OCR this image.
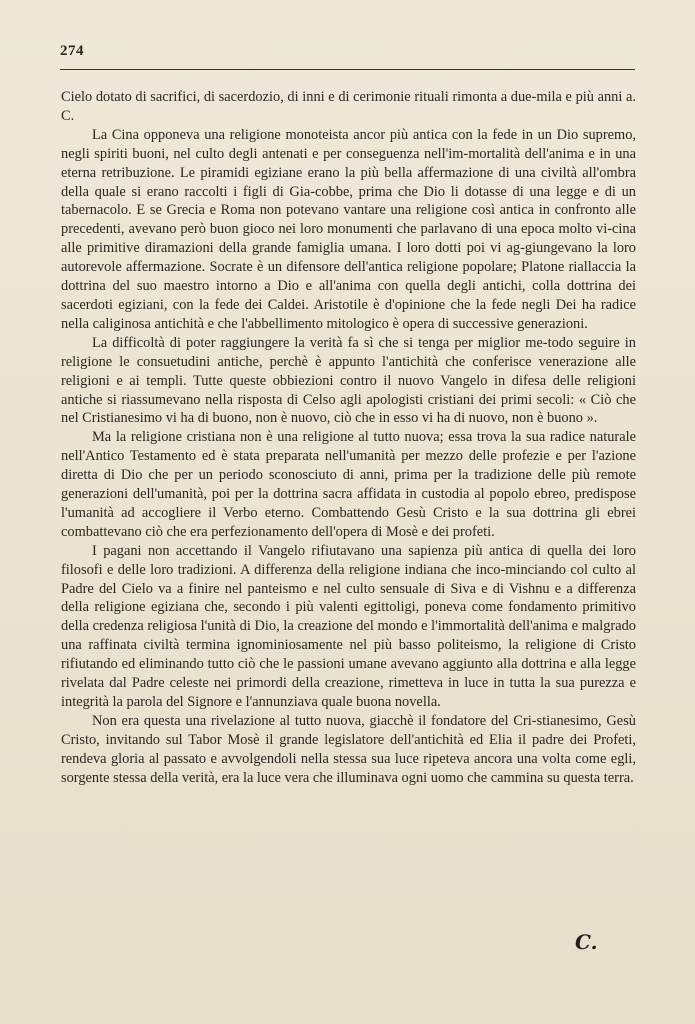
274

Cielo dotato di sacrifici, di sacerdozio, di inni e di cerimonie rituali rimonta a due-mila e più anni a. C.

La Cina opponeva una religione monoteista ancor più antica con la fede in un Dio supremo, negli spiriti buoni, nel culto degli antenati e per conseguenza nell'im-mortalità dell'anima e in una eterna retribuzione. Le piramidi egiziane erano la più bella affermazione di una civiltà all'ombra della quale si erano raccolti i figli di Gia-cobbe, prima che Dio li dotasse di una legge e di un tabernacolo. E se Grecia e Roma non potevano vantare una religione così antica in confronto alle precedenti, avevano però buon gioco nei loro monumenti che parlavano di una epoca molto vi-cina alle primitive diramazioni della grande famiglia umana. I loro dotti poi vi ag-giungevano la loro autorevole affermazione. Socrate è un difensore dell'antica religione popolare; Platone riallaccia la dottrina del suo maestro intorno a Dio e all'anima con quella degli antichi, colla dottrina dei sacerdoti egiziani, con la fede dei Caldei. Aristotile è d'opinione che la fede negli Dei ha radice nella caliginosa antichità e che l'abbellimento mitologico è opera di successive generazioni.

La difficoltà di poter raggiungere la verità fa sì che si tenga per miglior me-todo seguire in religione le consuetudini antiche, perchè è appunto l'antichità che conferisce venerazione alle religioni e ai templi. Tutte queste obbiezioni contro il nuovo Vangelo in difesa delle religioni antiche si riassumevano nella risposta di Celso agli apologisti cristiani dei primi secoli: « Ciò che nel Cristianesimo vi ha di buono, non è nuovo, ciò che in esso vi ha di nuovo, non è buono ».

Ma la religione cristiana non è una religione al tutto nuova; essa trova la sua radice naturale nell'Antico Testamento ed è stata preparata nell'umanità per mezzo delle profezie e per l'azione diretta di Dio che per un periodo sconosciuto di anni, prima per la tradizione delle più remote generazioni dell'umanità, poi per la dottrina sacra affidata in custodia al popolo ebreo, predispose l'umanità ad accogliere il Verbo eterno. Combattendo Gesù Cristo e la sua dottrina gli ebrei combattevano ciò che era perfezionamento dell'opera di Mosè e dei profeti.

I pagani non accettando il Vangelo rifiutavano una sapienza più antica di quella dei loro filosofi e delle loro tradizioni. A differenza della religione indiana che inco-minciando col culto al Padre del Cielo va a finire nel panteismo e nel culto sensuale di Siva e di Vishnu e a differenza della religione egiziana che, secondo i più valenti egittoligi, poneva come fondamento primitivo della credenza religiosa l'unità di Dio, la creazione del mondo e l'immortalità dell'anima e malgrado una raffinata civiltà termina ignominiosamente nel più basso politeismo, la religione di Cristo rifiutando ed eliminando tutto ciò che le passioni umane avevano aggiunto alla dottrina e alla legge rivelata dal Padre celeste nei primordi della creazione, rimetteva in luce in tutta la sua purezza e integrità la parola del Signore e l'annunziava quale buona novella.

Non era questa una rivelazione al tutto nuova, giacchè il fondatore del Cri-stianesimo, Gesù Cristo, invitando sul Tabor Mosè il grande legislatore dell'antichità ed Elia il padre dei Profeti, rendeva gloria al passato e avvolgendoli nella stessa sua luce ripeteva ancora una volta come egli, sorgente stessa della verità, era la luce vera che illuminava ogni uomo che cammina su questa terra.

C.
